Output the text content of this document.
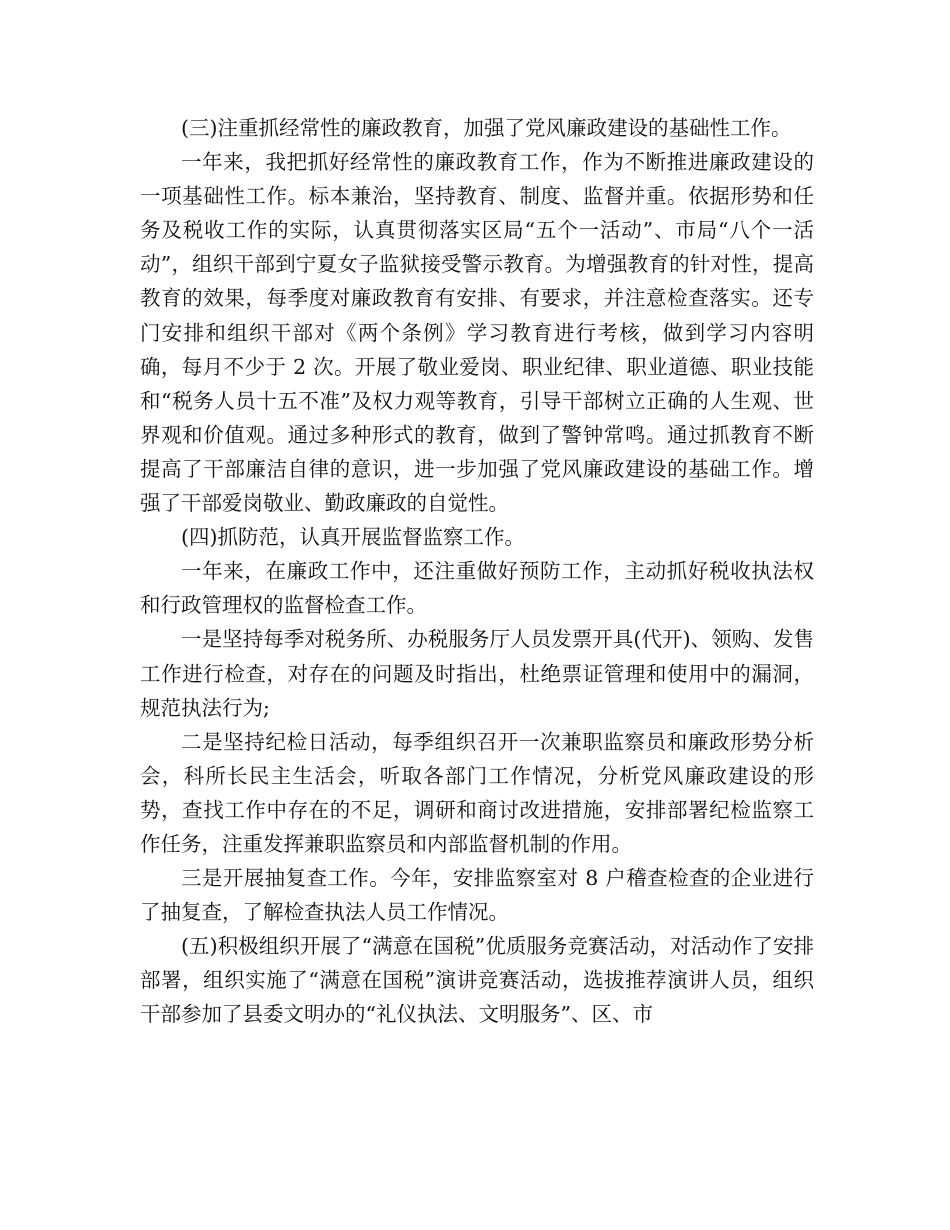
(三)注重抓经常性的廉政教育，加强了党风廉政建设的基础性工作。

一年来，我把抓好经常性的廉政教育工作，作为不断推进廉政建设的一项基础性工作。标本兼治，坚持教育、制度、监督并重。依据形势和任务及税收工作的实际，认真贯彻落实区局“五个一活动”、市局“八个一活动”，组织干部到宁夏女子监狱接受警示教育。为增强教育的针对性，提高教育的效果，每季度对廉政教育有安排、有要求，并注意检查落实。还专门安排和组织干部对《两个条例》学习教育进行考核，做到学习内容明确，每月不少于 2 次。开展了敬业爱岗、职业纪律、职业道德、职业技能和“税务人员十五不准”及权力观等教育，引导干部树立正确的人生观、世界观和价值观。通过多种形式的教育，做到了警钟常鸣。通过抓教育不断提高了干部廉洁自律的意识，进一步加强了党风廉政建设的基础工作。增强了干部爱岗敬业、勤政廉政的自觉性。

(四)抓防范，认真开展监督监察工作。

一年来，在廉政工作中，还注重做好预防工作，主动抓好税收执法权和行政管理权的监督检查工作。

一是坚持每季对税务所、办税服务厅人员发票开具(代开)、领购、发售工作进行检查，对存在的问题及时指出，杜绝票证管理和使用中的漏洞，规范执法行为;

二是坚持纪检日活动，每季组织召开一次兼职监察员和廉政形势分析会，科所长民主生活会，听取各部门工作情况，分析党风廉政建设的形势，查找工作中存在的不足，调研和商讨改进措施，安排部署纪检监察工作任务，注重发挥兼职监察员和内部监督机制的作用。

三是开展抽复查工作。今年，安排监察室对 8 户稽查检查的企业进行了抽复查，了解检查执法人员工作情况。

(五)积极组织开展了“满意在国税”优质服务竞赛活动，对活动作了安排部署，组织实施了“满意在国税”演讲竞赛活动，选拔推荐演讲人员，组织干部参加了县委文明办的“礼仪执法、文明服务”、区、市
